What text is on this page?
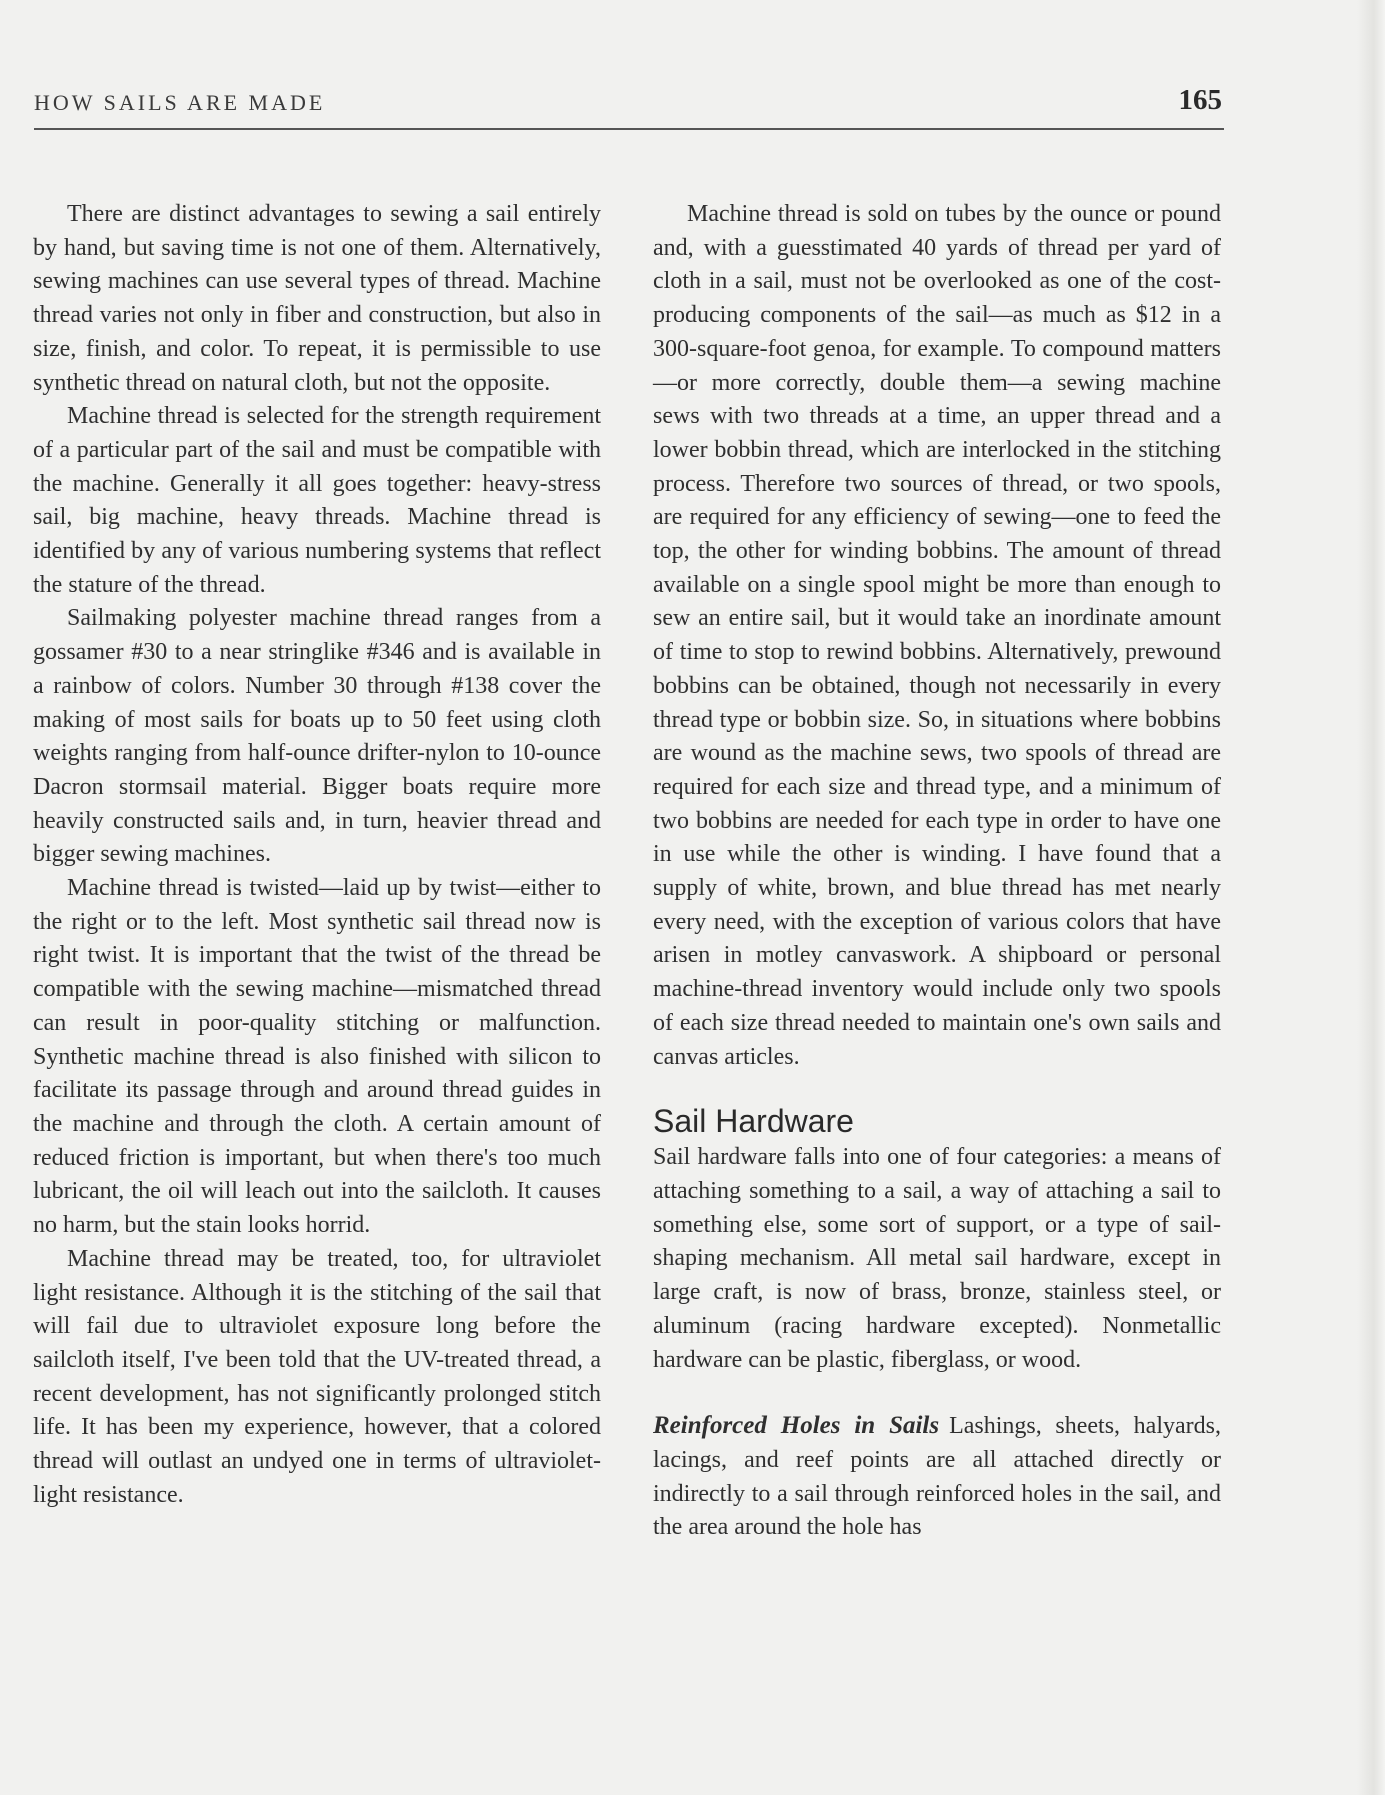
HOW SAILS ARE MADE	165

There are distinct advantages to sewing a sail entirely by hand, but saving time is not one of them. Alternatively, sewing machines can use several types of thread. Machine thread varies not only in fiber and construction, but also in size, finish, and color. To repeat, it is permissible to use synthetic thread on natural cloth, but not the opposite.

Machine thread is selected for the strength requirement of a particular part of the sail and must be compatible with the machine. Generally it all goes together: heavy-stress sail, big machine, heavy threads. Machine thread is identified by any of various numbering systems that reflect the stature of the thread.

Sailmaking polyester machine thread ranges from a gossamer #30 to a near stringlike #346 and is available in a rainbow of colors. Number 30 through #138 cover the making of most sails for boats up to 50 feet using cloth weights ranging from half-ounce drifter-nylon to 10-ounce Dacron stormsail material. Bigger boats require more heavily constructed sails and, in turn, heavier thread and bigger sewing machines.

Machine thread is twisted—laid up by twist—either to the right or to the left. Most synthetic sail thread now is right twist. It is important that the twist of the thread be compatible with the sewing machine—mismatched thread can result in poor-quality stitching or malfunction. Synthetic machine thread is also finished with silicon to facilitate its passage through and around thread guides in the machine and through the cloth. A certain amount of reduced friction is important, but when there's too much lubricant, the oil will leach out into the sailcloth. It causes no harm, but the stain looks horrid.

Machine thread may be treated, too, for ultraviolet light resistance. Although it is the stitching of the sail that will fail due to ultraviolet exposure long before the sailcloth itself, I've been told that the UV-treated thread, a recent development, has not significantly prolonged stitch life. It has been my experience, however, that a colored thread will outlast an undyed one in terms of ultraviolet-light resistance.

Machine thread is sold on tubes by the ounce or pound and, with a guesstimated 40 yards of thread per yard of cloth in a sail, must not be overlooked as one of the cost-producing components of the sail—as much as $12 in a 300-square-foot genoa, for example. To compound matters—or more correctly, double them—a sewing machine sews with two threads at a time, an upper thread and a lower bobbin thread, which are interlocked in the stitching process. Therefore two sources of thread, or two spools, are required for any efficiency of sewing—one to feed the top, the other for winding bobbins. The amount of thread available on a single spool might be more than enough to sew an entire sail, but it would take an inordinate amount of time to stop to rewind bobbins. Alternatively, prewound bobbins can be obtained, though not necessarily in every thread type or bobbin size. So, in situations where bobbins are wound as the machine sews, two spools of thread are required for each size and thread type, and a minimum of two bobbins are needed for each type in order to have one in use while the other is winding. I have found that a supply of white, brown, and blue thread has met nearly every need, with the exception of various colors that have arisen in motley canvaswork. A shipboard or personal machine-thread inventory would include only two spools of each size thread needed to maintain one's own sails and canvas articles.

Sail Hardware

Sail hardware falls into one of four categories: a means of attaching something to a sail, a way of attaching a sail to something else, some sort of support, or a type of sail-shaping mechanism. All metal sail hardware, except in large craft, is now of brass, bronze, stainless steel, or aluminum (racing hardware excepted). Nonmetallic hardware can be plastic, fiberglass, or wood.

Reinforced Holes in Sails Lashings, sheets, halyards, lacings, and reef points are all attached directly or indirectly to a sail through reinforced holes in the sail, and the area around the hole has
